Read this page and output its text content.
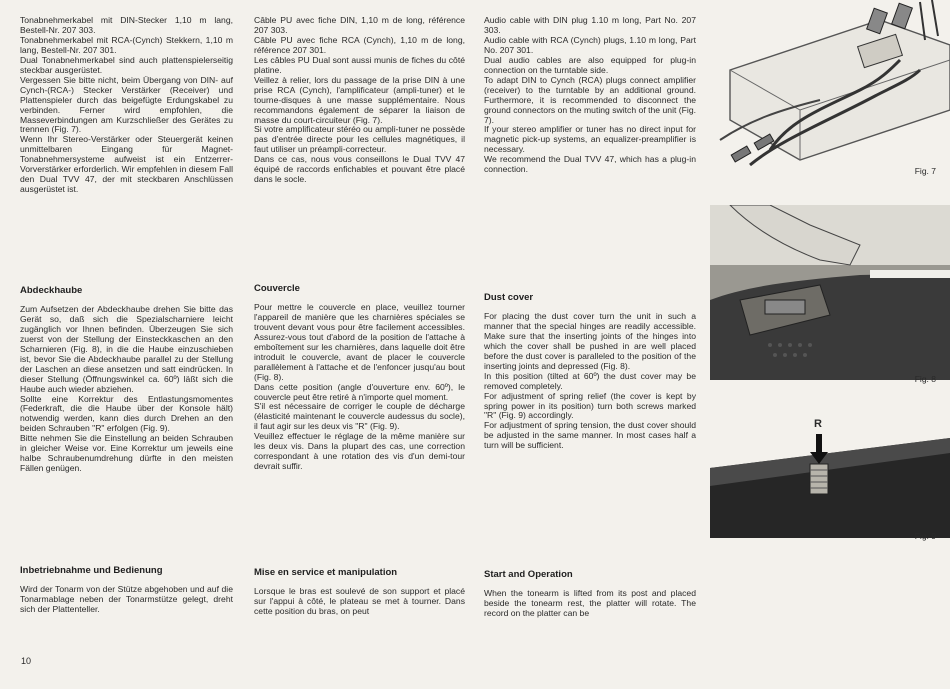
Tonabnehmerkabel mit DIN-Stecker 1,10 m lang, Bestell-Nr. 207 303.

Tonabnehmerkabel mit RCA-(Cynch) Stekkern, 1,10 m lang, Bestell-Nr. 207 301.

Dual Tonabnehmerkabel sind auch plattenspielerseitig steckbar ausgerüstet.

Vergessen Sie bitte nicht, beim Übergang von DIN- auf Cynch-(RCA-) Stecker Verstärker (Receiver) und Plattenspieler durch das beigefügte Erdungskabel zu verbinden. Ferner wird empfohlen, die Masseverbindungen am Kurzschließer des Gerätes zu trennen (Fig. 7).

Wenn Ihr Stereo-Verstärker oder Steuergerät keinen unmittelbaren Eingang für Magnet-Tonabnehmersysteme aufweist ist ein Entzerrer-Vorverstärker erforderlich. Wir empfehlen in diesem Fall den Dual TVV 47, der mit steckbaren Anschlüssen ausgerüstet ist.

Abdeckhaube

Zum Aufsetzen der Abdeckhaube drehen Sie bitte das Gerät so, daß sich die Spezialscharniere leicht zugänglich vor Ihnen befinden. Überzeugen Sie sich zuerst von der Stellung der Einsteckkaschen an den Scharnieren (Fig. 8), in die die Haube einzuschieben ist, bevor Sie die Abdeckhaube parallel zu der Stellung der Laschen an diese ansetzen und satt eindrücken. In dieser Stellung (Öffnungswinkel ca. 60º) läßt sich die Haube auch wieder abziehen.

Sollte eine Korrektur des Entlastungsmomentes (Federkraft, die die Haube über der Konsole hält) notwendig werden, kann dies durch Drehen an den beiden Schrauben "R" erfolgen (Fig. 9).

Bitte nehmen Sie die Einstellung an beiden Schrauben in gleicher Weise vor. Eine Korrektur um jeweils eine halbe Schraubenumdrehung dürfte in den meisten Fällen genügen.

Inbetriebnahme und Bedienung

Wird der Tonarm von der Stütze abgehoben und auf die Tonarmablage neben der Tonarmstütze gelegt, dreht sich der Plattenteller.

Câble PU avec fiche DIN, 1,10 m de long, référence 207 303.

Câble PU avec fiche RCA (Cynch), 1,10 m de long, référence 207 301.

Les câbles PU Dual sont aussi munis de fiches du côté platine.

Veillez à relier, lors du passage de la prise DIN à une prise RCA (Cynch), l'amplificateur (ampli-tuner) et le tourne-disques à une masse supplémentaire. Nous recommandons également de séparer la liaison de masse du court-circuiteur (Fig. 7).

Si votre amplificateur stéréo ou ampli-tuner ne possède pas d'entrée directe pour les cellules magnétiques, il faut utiliser un préampli-correcteur.

Dans ce cas, nous vous conseillons le Dual TVV 47 équipé de raccords enfichables et pouvant être placé dans le socle.

Couvercle

Pour mettre le couvercle en place, veuillez tourner l'appareil de manière que les charnières spéciales se trouvent devant vous pour être facilement accessibles. Assurez-vous tout d'abord de la position de l'attache à emboîtement sur les charnières, dans laquelle doit être introduit le couvercle, avant de placer le couvercle parallèlement à l'attache et de l'enfoncer jusqu'au bout (Fig. 8).

Dans cette position (angle d'ouverture env. 60º), le couvercle peut être retiré à n'importe quel moment.

S'il est nécessaire de corriger le couple de décharge (élasticité maintenant le couvercle audessus du socle), il faut agir sur les deux vis "R" (Fig. 9).

Veuillez effectuer le réglage de la même manière sur les deux vis. Dans la plupart des cas, une correction correspondant à une rotation des vis d'un demi-tour devrait suffir.

Mise en service et manipulation

Lorsque le bras est soulevé de son support et placé sur l'appui à côté, le plateau se met à tourner. Dans cette position du bras, on peut

Audio cable with DIN plug 1.10 m long, Part No. 207 303.

Audio cable with RCA (Cynch) plugs, 1.10 m long, Part No. 207 301.

Dual audio cables are also equipped for plug-in connection on the turntable side.

To adapt DIN to Cynch (RCA) plugs connect amplifier (receiver) to the turntable by an additional ground. Furthermore, it is recommended to disconnect the ground connectors on the muting switch of the unit (Fig. 7).

If your stereo amplifier or tuner has no direct input for magnetic pick-up systems, an equalizer-preamplifier is necessary.

We recommend the Dual TVV 47, which has a plug-in connection.

Dust cover

For placing the dust cover turn the unit in such a manner that the special hinges are readily accessible. Make sure that the inserting joints of the hinges into which the cover shall be pushed in are well placed before the dust cover is paralleled to the position of the inserting joints and depressed (Fig. 8).

In this position (tilted at 60º) the dust cover may be removed completely.

For adjustment of spring relief (the cover is kept by spring power in its position) turn both screws marked "R" (Fig. 9) accordingly.

For adjustment of spring tension, the dust cover should be adjusted in the same manner. In most cases half a turn will be sufficient.

Start and Operation

When the tonearm is lifted from its post and placed beside the tonearm rest, the platter will rotate. The record on the platter can be

Fig. 7
Fig. 8
R
Fig. 9
10
